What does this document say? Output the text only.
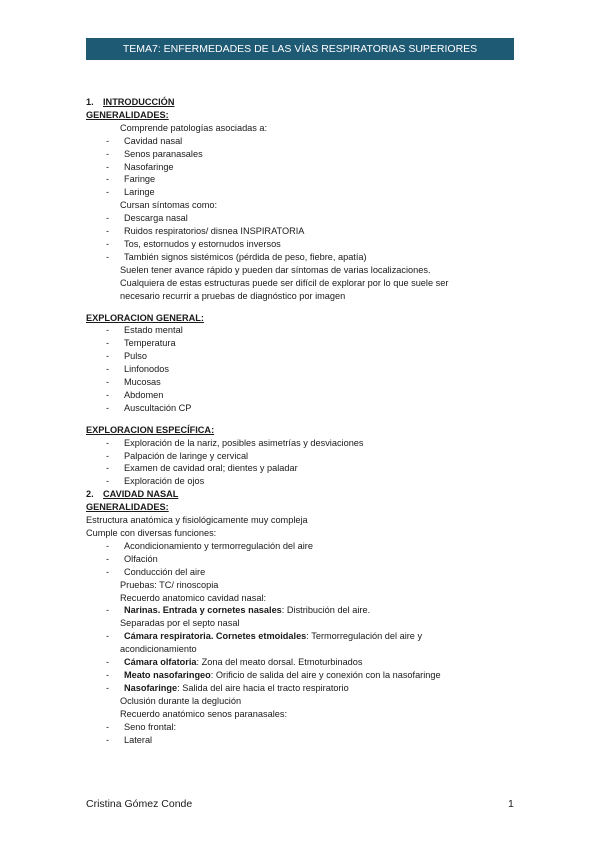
TEMA7: ENFERMEDADES DE LAS VÍAS RESPIRATORIAS SUPERIORES
1.	INTRODUCCIÓN
GENERALIDADES:
Comprende patologías asociadas a:
-	Cavidad nasal
-	Senos paranasales
-	Nasofaringe
-	Faringe
-	Laringe
Cursan síntomas como:
-	Descarga nasal
-	Ruidos respiratorios/ disnea INSPIRATORIA
-	Tos, estornudos y estornudos inversos
-	También signos sistémicos (pérdida de peso, fiebre, apatía)
Suelen tener avance rápido y pueden dar síntomas de varias localizaciones.
Cualquiera de estas estructuras puede ser difícil de explorar por lo que suele ser
necesario recurrir a pruebas de diagnóstico por imagen
EXPLORACION GENERAL:
-	Estado mental
-	Temperatura
-	Pulso
-	Linfonodos
-	Mucosas
-	Abdomen
-	Auscultación CP
EXPLORACION ESPECÍFICA:
-	Exploración de la nariz, posibles asimetrías y desviaciones
-	Palpación de laringe y cervical
-	Examen de cavidad oral; dientes y paladar
-	Exploración de ojos
2.	CAVIDAD NASAL
GENERALIDADES:
Estructura anatómica y fisiológicamente muy compleja
Cumple con diversas funciones:
-	Acondicionamiento y termorregulación del aire
-	Olfación
-	Conducción del aire
Pruebas: TC/ rinoscopia
Recuerdo anatomico cavidad nasal:
-	Narinas. Entrada y cornetes nasales: Distribución del aire.
Separadas por el septo nasal
-	Cámara respiratoria. Cornetes etmoidales: Termorregulación del aire y
acondicionamiento
-	Cámara olfatoria: Zona del meato dorsal. Etmoturbinados
-	Meato nasofaringeo: Orificio de salida del aire y conexión con la nasofaringe
-	Nasofaringe: Salida del aire hacia el tracto respiratorio
Oclusión durante la deglución
Recuerdo anatómico senos paranasales:
-	Seno frontal:
-	Lateral
Cristina Gómez Conde	1
